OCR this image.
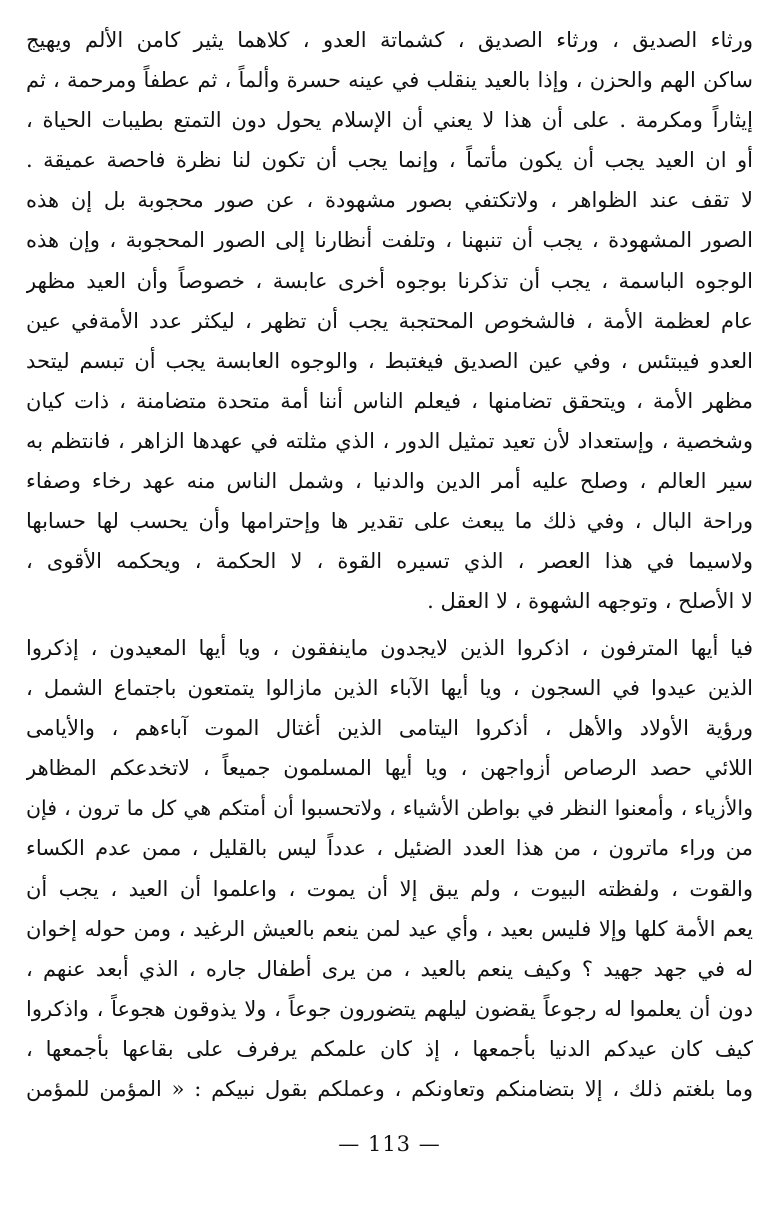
ورثاء الصديق ، ورثاء الصديق ، كشماتة العدو ، كلاهما يثير كامن الألم ويهيج
ساكن الهم والحزن ، وإذا بالعيد ينقلب في عينه حسرة وألماً ، ثم عطفاً ومرحمة ، ثم
إيثاراً ومكرمة . على أن هذا لا يعني أن الإسلام يحول دون التمتع بطيبات الحياة ،
أو ان العيد يجب أن يكون مأتماً ، وإنما يجب أن تكون لنا نظرة فاحصة عميقة .
لا تقف عند الظواهر ، ولاتكتفي بصور مشهودة ، عن صور محجوبة بل إن هذه
الصور المشهودة ، يجب أن تنبهنا ، وتلفت أنظارنا إلى الصور المحجوبة ، وإن هذه
الوجوه الباسمة ، يجب أن تذكرنا بوجوه أخرى عابسة ، خصوصاً وأن العيد مظهر
عام لعظمة الأمة ، فالشخوص المحتجبة يجب أن تظهر ، ليكثر عدد الأمةفي عين
العدو فيبتئس ، وفي عين الصديق فيغتبط ، والوجوه العابسة يجب أن تبسم ليتحد
مظهر الأمة ، ويتحقق تضامنها ، فيعلم الناس أننا أمة متحدة متضامنة ، ذات كيان
وشخصية ، وإستعداد لأن تعيد تمثيل الدور ، الذي مثلته في عهدها الزاهر ، فانتظم به
سير العالم ، وصلح عليه أمر الدين والدنيا ، وشمل الناس منه عهد رخاء وصفاء
وراحة البال ، وفي ذلك ما يبعث على تقدير ها وإحترامها وأن يحسب لها حسابها
ولاسيما في هذا العصر ، الذي تسيره القوة ، لا الحكمة ، ويحكمه الأقوى ،
لا الأصلح ، وتوجهه الشهوة ، لا العقل .
فيا أيها المترفون ، اذكروا الذين لايجدون ماينفقون ، ويا أيها المعيدون ، إذكروا
الذين عيدوا في السجون ، ويا أيها الآباء الذين مازالوا يتمتعون باجتماع الشمل ،
ورؤية الأولاد والأهل ، أذكروا اليتامى الذين أغتال الموت آباءهم ، والأيامى
اللائي حصد الرصاص أزواجهن ، ويا أيها المسلمون جميعاً ، لاتخدعكم المظاهر
والأزياء ، وأمعنوا النظر في بواطن الأشياء ، ولاتحسبوا أن أمتكم هي كل ما ترون ، فإن
من وراء ماترون ، من هذا العدد الضئيل ، عدداً ليس بالقليل ، ممن عدم الكساء
والقوت ، ولفظته البيوت ، ولم يبق إلا أن يموت ، واعلموا أن العيد ، يجب أن
يعم الأمة كلها وإلا فليس بعيد ، وأي عيد لمن ينعم بالعيش الرغيد ، ومن حوله إخوان
له في جهد جهيد ؟ وكيف ينعم بالعيد ، من يرى أطفال جاره ، الذي أبعد عنهم ،
دون أن يعلموا له رجوعاً يقضون ليلهم يتضورون جوعاً ، ولا يذوقون هجوعاً ، واذكروا
كيف كان عيدكم الدنيا بأجمعها ، إذ كان علمكم يرفرف على بقاعها بأجمعها ،
وما بلغتم ذلك ، إلا بتضامنكم وتعاونكم ، وعملكم بقول نبيكم : « المؤمن للمؤمن
— 113 —
